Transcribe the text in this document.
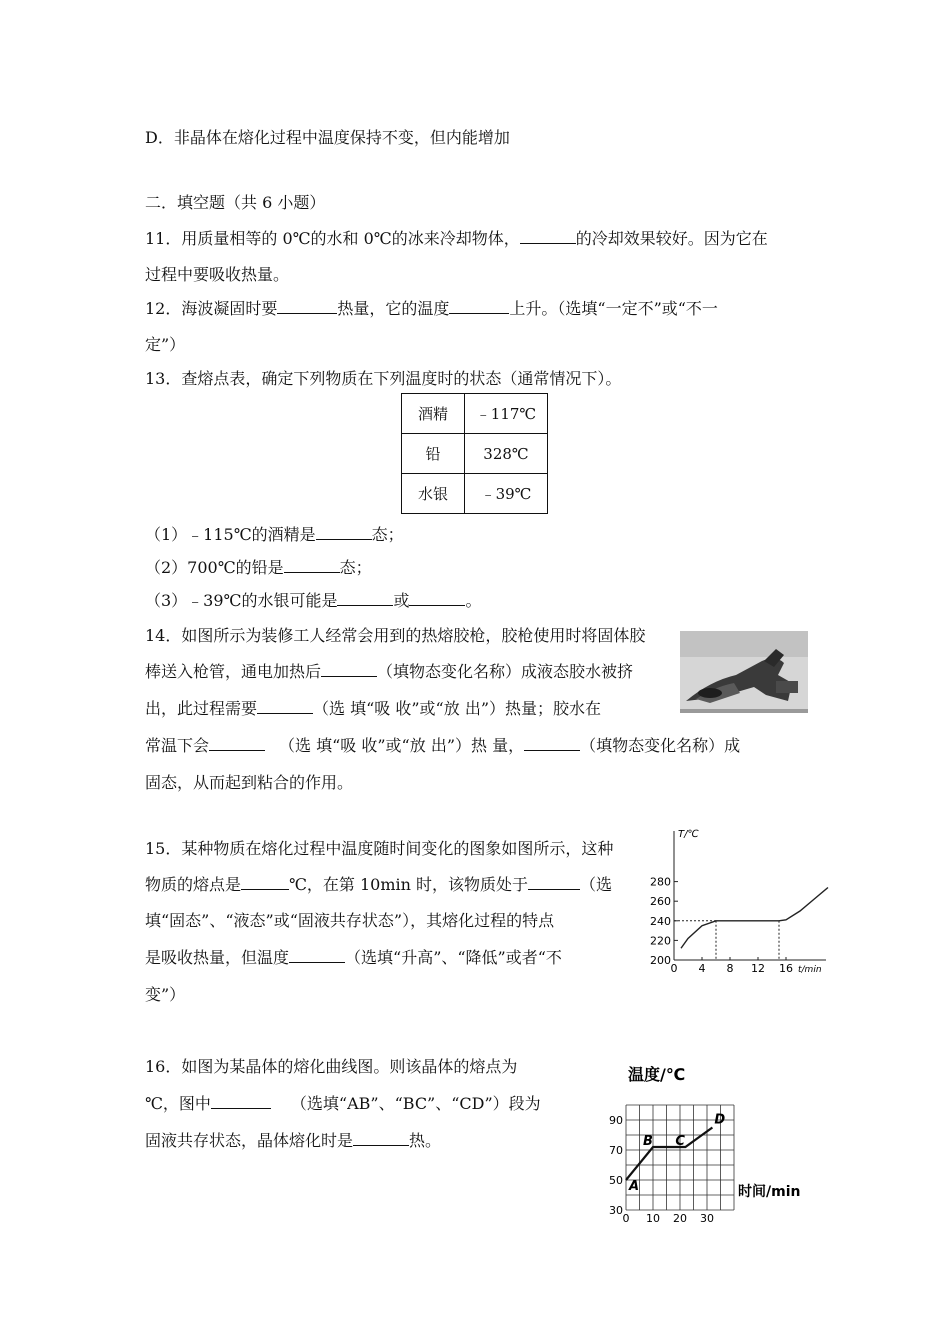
D．非晶体在熔化过程中温度保持不变，但内能增加
二．填空题（共 6 小题）
11．用质量相等的 0℃的水和 0℃的冰来冷却物体，	的冷却效果较好。因为它在
过程中要吸收热量。
12．海波凝固时要	热量，它的温度	上升。（选填“一定不”或“不一
定”）
13．查熔点表，确定下列物质在下列温度时的状态（通常情况下）。
酒精	﹣117℃
铅	328℃
水银	﹣39℃
（1）﹣115℃的酒精是	态；
（2）700℃的铅是	态；
（3）﹣39℃的水银可能是	或	。
14．如图所示为装修工人经常会用到的热熔胶枪，胶枪使用时将固体胶
棒送入枪管，通电加热后	（填物态变化名称）成液态胶水被挤
出，此过程需要	（选 填“吸 收”或“放 出”）热量；胶水在
常温下会	（选 填“吸 收”或“放 出”）热 量，	（填物态变化名称）成
固态，从而起到粘合的作用。
15．某种物质在熔化过程中温度随时间变化的图象如图所示，这种
物质的熔点是	℃，在第 10min 时，该物质处于	（选
填“固态”、“液态”或“固液共存状态”），其熔化过程的特点
是吸收热量，但温度	（选填“升高”、“降低”或者“不
变”）
T/℃
t/min
200
220
240
260
280
0 4 8 12 16
16．如图为某晶体的熔化曲线图。则该晶体的熔点为
℃，图中	（选填“AB”、“BC”、“CD”）段为
固液共存状态，晶体熔化时是	热。
温度/℃
时间/min
30
50
70
90
0 10 20 30
A
B C
D
